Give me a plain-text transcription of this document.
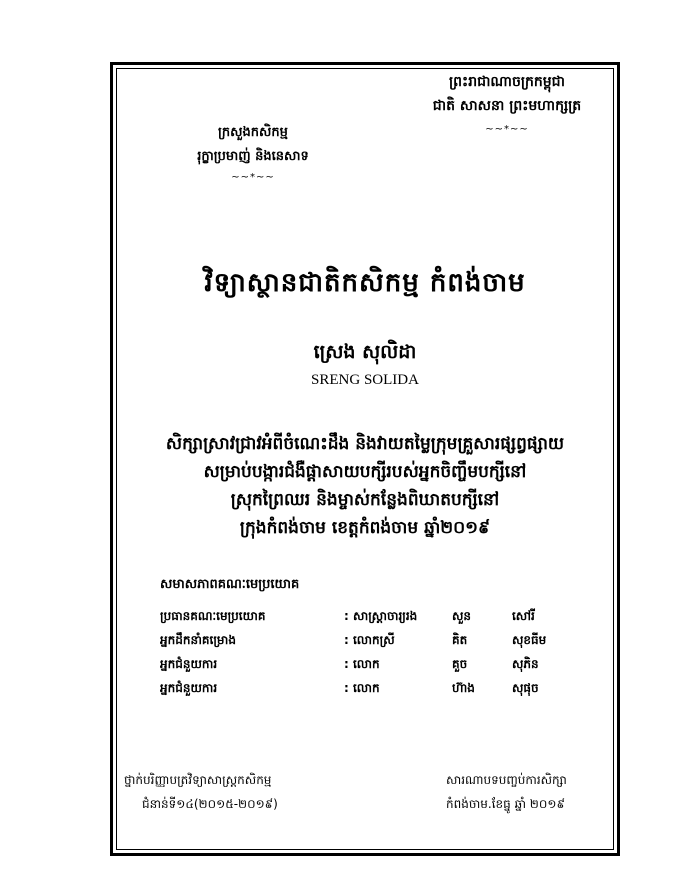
ព្រះរាជាណាចក្រកម្ពុជា
ជាតិ សាសនា ព្រះមហាក្សត្រ
~~*~~
ក្រសួងកសិកម្ម
រុក្ខាប្រមាញ់ និងនេសាទ
~~*~~
វិទ្យាស្ថានជាតិកសិកម្ម កំពង់ចាម
ស្រេង សុលិដា
SRENG SOLIDA
សិក្សាស្រាវជ្រាវអំពីចំណេះដឹង និងវាយតម្លៃក្រុមគ្រួសារផ្សព្វផ្សាយ
សម្រាប់បង្ការជំងឺផ្តាសាយបក្សីរបស់អ្នកចិញ្ចឹមបក្សីនៅ
ស្រុកព្រៃឈរ និងម្ចាស់កន្លែងពិឃាតបក្សីនៅ
ក្រុងកំពង់ចាម ខេត្តកំពង់ចាម ឆ្នាំ២០១៩
សមាសភាពគណៈមេប្រយោគ
ប្រធានគណៈមេប្រយោគ	: សាស្ត្រាចារ្យរង	សួន	សៅរី
អ្នកដឹកនាំគម្រោង	: លោកស្រី	គិត	សុខធីម
អ្នកជំនួយការ	: លោក	គួច	សុភិន
អ្នកជំនួយការ	: លោក	ហ៊ាង	សុផុច
ថ្នាក់បរិញ្ញាបត្រវិទ្យាសាស្ត្រកសិកម្ម
ជំនាន់ទី១៤(២០១៥-២០១៩)
សារណាបទបញ្ចប់ការសិក្សា
កំពង់ចាម.ខែធ្នូ ឆ្នាំ ២០១៩
